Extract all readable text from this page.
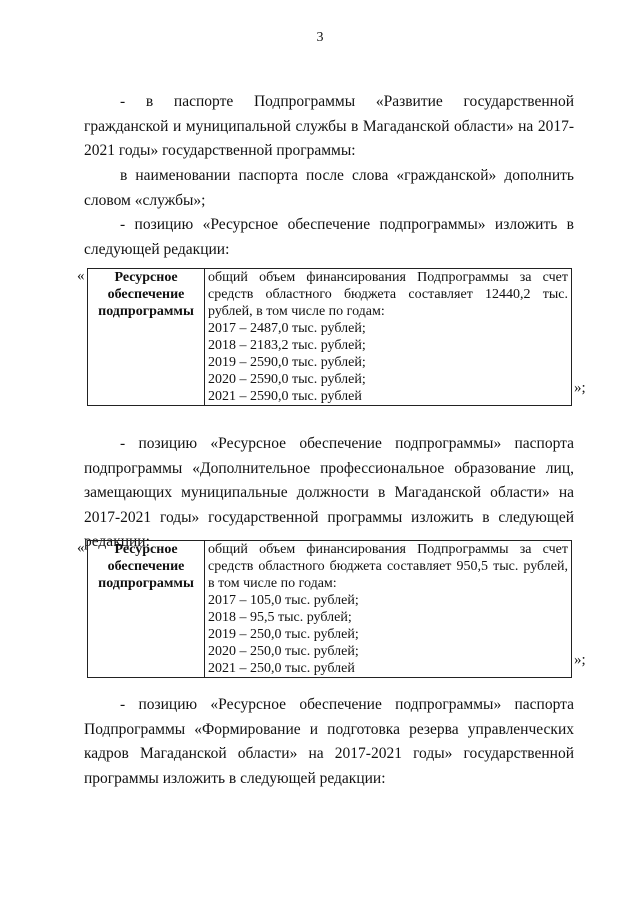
3

- в паспорте Подпрограммы «Развитие государственной гражданской и муниципальной службы в Магаданской области» на 2017-2021 годы» государственной программы:

в наименовании паспорта после слова «гражданской» дополнить словом «службы»;

- позицию «Ресурсное обеспечение подпрограммы» изложить в следующей редакции:

«	Ресурсное
обеспечение
подпрограммы

общий объем финансирования Подпрограммы за счет средств областного бюджета составляет 12440,2 тыс. рублей, в том числе по годам:

2017 – 2487,0 тыс. рублей;

2018 – 2183,2 тыс. рублей;

2019 – 2590,0 тыс. рублей;

2020 – 2590,0 тыс. рублей;

2021 – 2590,0 тыс. рублей

»;

- позицию «Ресурсное обеспечение подпрограммы» паспорта подпрограммы «Дополнительное профессиональное образование лиц, замещающих муниципальные должности в Магаданской области» на 2017-2021 годы» государственной программы изложить в следующей редакции:

«	Ресурсное
обеспечение
подпрограммы

общий объем финансирования Подпрограммы за счет средств областного бюджета составляет 950,5 тыс. рублей, в том числе по годам:

2017 – 105,0 тыс. рублей;

2018 – 95,5 тыс. рублей;

2019 – 250,0 тыс. рублей;

2020 – 250,0 тыс. рублей;

2021 – 250,0 тыс. рублей

»;

- позицию «Ресурсное обеспечение подпрограммы» паспорта Подпрограммы «Формирование и подготовка резерва управленческих кадров Магаданской области» на 2017-2021 годы» государственной программы изложить в следующей редакции:
